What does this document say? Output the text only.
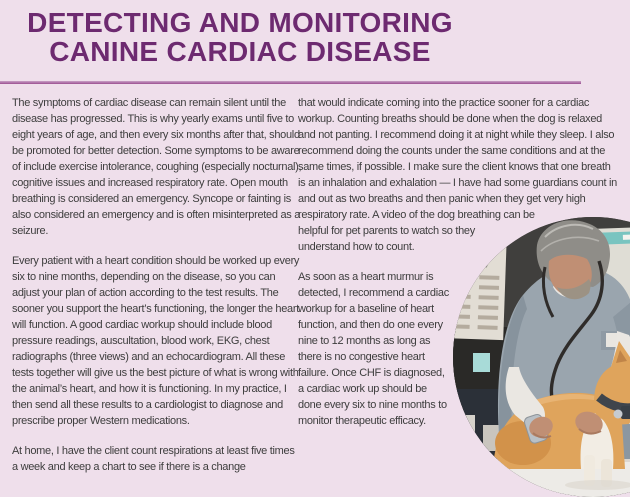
DETECTING AND MONITORING CANINE CARDIAC DISEASE

The symptoms of cardiac disease can remain silent until the disease has progressed. This is why yearly exams until five to eight years of age, and then every six months after that, should be promoted for better detection. Some symptoms to be aware of include exercise intolerance, coughing (especially nocturnal), cognitive issues and increased respiratory rate. Open mouth breathing is considered an emergency. Syncope or fainting is also considered an emergency and is often misinterpreted as a seizure.

Every patient with a heart condition should be worked up every six to nine months, depending on the disease, so you can adjust your plan of action according to the test results. The sooner you support the heart’s functioning, the longer the heart will function. A good cardiac workup should include blood pressure readings, auscultation, blood work, EKG, chest radiographs (three views) and an echocardiogram. All these tests together will give us the best picture of what is wrong with the animal’s heart, and how it is functioning. In my practice, I then send all these results to a cardiologist to diagnose and prescribe proper Western medications.

At home, I have the client count respirations at least five times a week and keep a chart to see if there is a change

that would indicate coming into the practice sooner for a cardiac workup. Counting breaths should be done when the dog is relaxed and not panting. I recommend doing it at night while they sleep. I also recommend doing the counts under the same conditions and at the same times, if possible. I make sure the client knows that one breath is an inhalation and exhalation — I have had some guardians count in and out as two breaths and then panic when they get very high respiratory rate. A video of the dog breathing can be helpful for pet parents to watch so they understand how to count.

As soon as a heart murmur is detected, I recommend a cardiac workup for a baseline of heart function, and then do one every nine to 12 months as long as there is no congestive heart failure. Once CHF is diagnosed, a cardiac work up should be done every six to nine months to monitor therapeutic efficacy.
